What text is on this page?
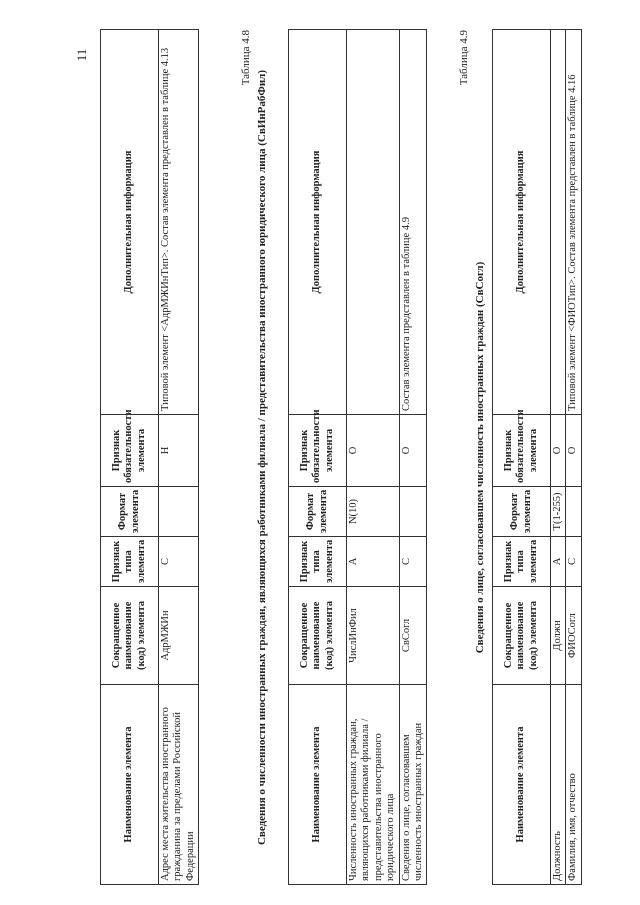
11
Наименование элемента	Сокращенное наименование (код) элемента	Признак типа элемента	Формат элемента	Признак обязательности элемента	Дополнительная информация
Адрес места жительства иностранного гражданина за пределами Российской Федерации	АдрМЖИн	С		Н	Типовой элемент <АдрМЖИнТип>. Состав элемента представлен в таблице 4.13	Таблица 4.8
Сведения о численности иностранных граждан, являющихся работниками филиала / представительства иностранного юридического лица (СвИнРабФил)	Наименование элемента	Сокращенное наименование (код) элемента	Признак типа элемента	Формат элемента	Признак обязательности элемента	Дополнительная информация
Численность иностранных граждан, являющихся работниками филиала / представительства иностранного юридического лица	ЧислИнФил	А	N(10)	О	
Сведения о лице, согласовавшем численность иностранных граждан	СвСогл	С		О	Состав элемента представлен в таблице 4.9
Таблица 4.9
Сведения о лице, согласовавшем численность иностранных граждан (СвСогл)
Наименование элемента	Сокращенное наименование (код) элемента	Признак типа элемента	Формат элемента	Признак обязательности элемента	Дополнительная информация
Должность	Должн	А	T(1-255)	О	
Фамилия, имя, отчество	ФИОСогл	С		О	Типовой элемент <ФИОТип>. Состав элемента представлен в таблице 4.16
